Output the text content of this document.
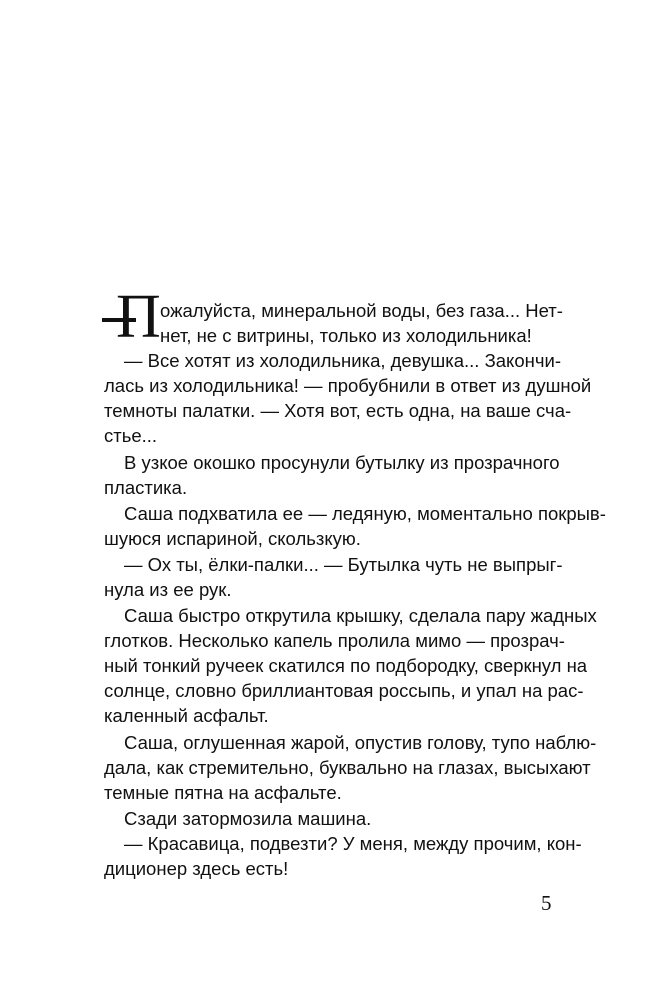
П ожалуйста, минеральной воды, без газа... Нет-
нет, не с витрины, только из холодильника!
— Все хотят из холодильника, девушка... Закончи-
лась из холодильника! — пробубнили в ответ из душной
темноты палатки. — Хотя вот, есть одна, на ваше сча-
стье...
В узкое окошко просунули бутылку из прозрачного
пластика.
Саша подхватила ее — ледяную, моментально покрыв-
шуюся испариной, скользкую.
— Ох ты, ёлки-палки... — Бутылка чуть не выпрыг-
нула из ее рук.
Саша быстро открутила крышку, сделала пару жадных
глотков. Несколько капель пролила мимо — прозрач-
ный тонкий ручеек скатился по подбородку, сверкнул на
солнце, словно бриллиантовая россыпь, и упал на рас-
каленный асфальт.
Саша, оглушенная жарой, опустив голову, тупо наблю-
дала, как стремительно, буквально на глазах, высыхают
темные пятна на асфальте.
Сзади затормозила машина.
— Красавица, подвезти? У меня, между прочим, кон-
диционер здесь есть!
5
